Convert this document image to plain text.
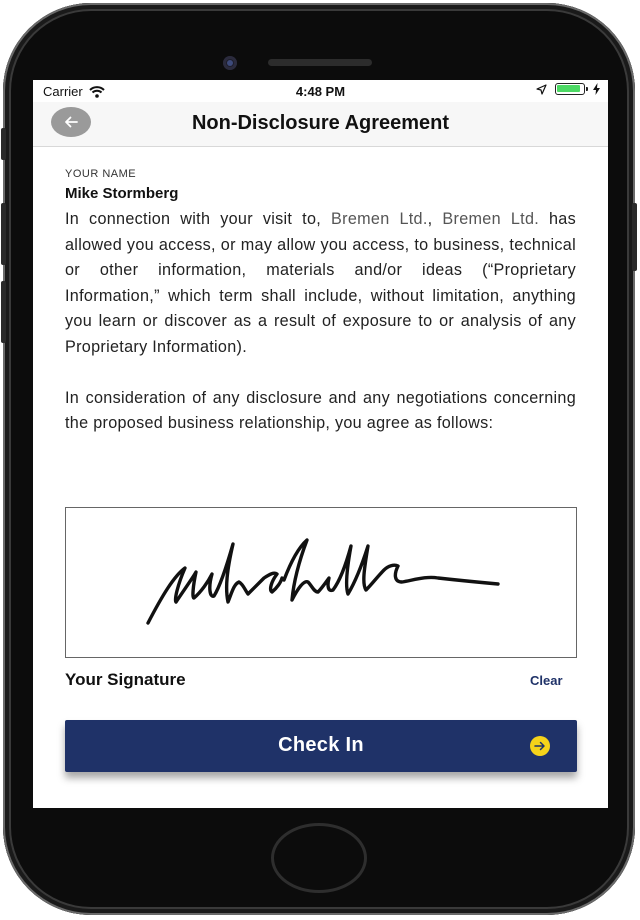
Carrier	4:48 PM
Non-Disclosure Agreement
YOUR NAME
Mike Stormberg

In connection with your visit to, Bremen Ltd., Bremen Ltd. has allowed you access, or may allow you access, to business, technical or other information, materials and/or ideas (“Proprietary Information,” which term shall include, without limitation, anything you learn or discover as a result of exposure to or analysis of any Proprietary Information).

In consideration of any disclosure and any negotiations concerning the proposed business relationship, you agree as follows:

Your Signature	Clear
Check In
